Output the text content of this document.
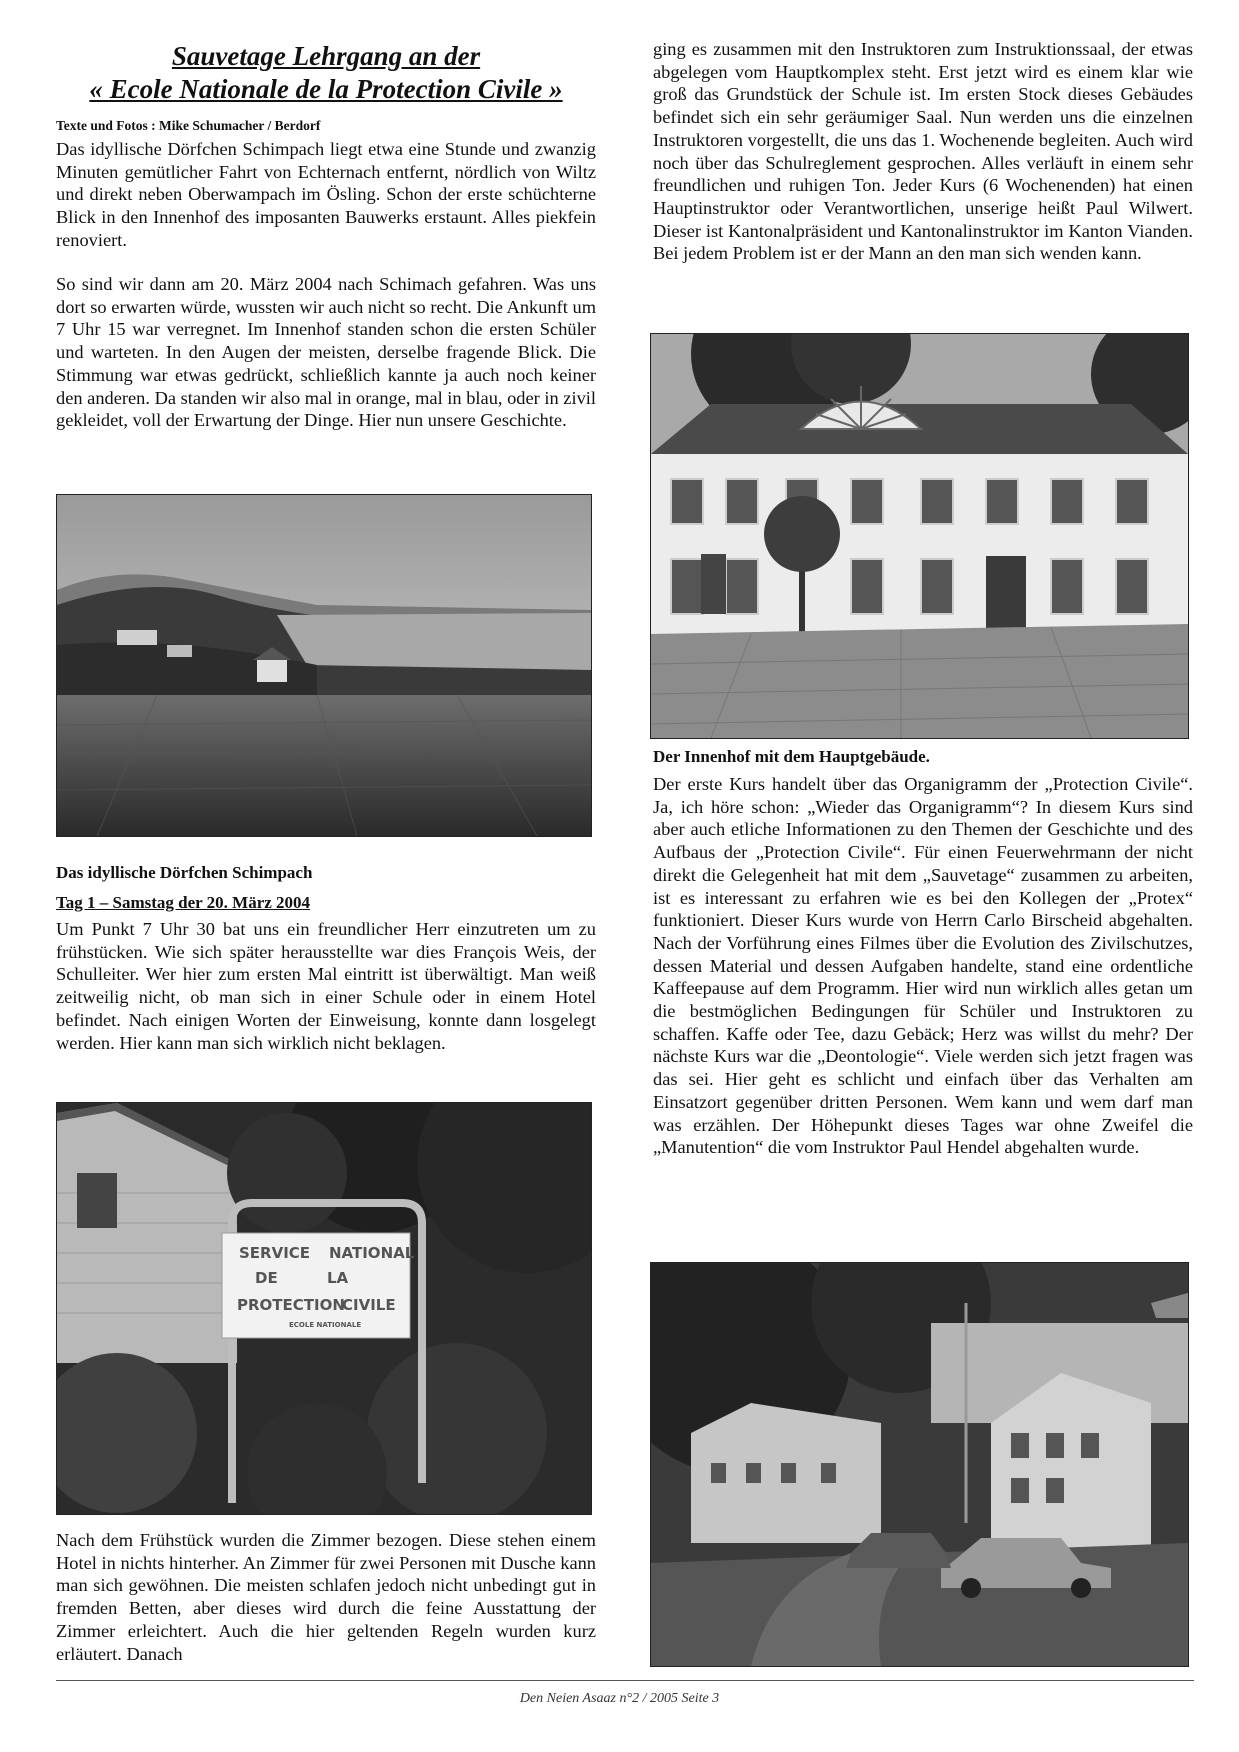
Sauvetage Lehrgang an der
« Ecole Nationale de la Protection Civile »
Texte und Fotos : Mike Schumacher / Berdorf

Das idyllische Dörfchen Schimpach liegt etwa eine Stunde und zwanzig Minuten gemütlicher Fahrt von Echternach entfernt, nördlich von Wiltz und direkt neben Oberwampach im Ösling. Schon der erste schüchterne Blick in den Innenhof des imposanten Bauwerks erstaunt. Alles piekfein renoviert.

So sind wir dann am 20. März 2004 nach Schimach gefahren. Was uns dort so erwarten würde, wussten wir auch nicht so recht. Die Ankunft um 7 Uhr 15 war verregnet. Im Innenhof standen schon die ersten Schüler und warteten. In den Augen der meisten, derselbe fragende Blick. Die Stimmung war etwas gedrückt, schließlich kannte ja auch noch keiner den anderen. Da standen wir also mal in orange, mal in blau, oder in zivil gekleidet, voll der Erwartung der Dinge. Hier nun unsere Geschichte.

Das idyllische Dörfchen Schimpach
Tag 1 – Samstag der 20. März 2004

Um Punkt 7 Uhr 30 bat uns ein freundlicher Herr einzutreten um zu frühstücken. Wie sich später herausstellte war dies François Weis, der Schulleiter. Wer hier zum ersten Mal eintritt ist überwältigt. Man weiß zeitweilig nicht, ob man sich in einer Schule oder in einem Hotel befindet. Nach einigen Worten der Einweisung, konnte dann losgelegt werden. Hier kann man sich wirklich nicht beklagen.

SERVICE NATIONAL
DE	LA
PROTECTION
CIVILE
ECOLE NATIONALE

Nach dem Frühstück wurden die Zimmer bezogen. Diese stehen einem Hotel in nichts hinterher. An Zimmer für zwei Personen mit Dusche kann man sich gewöhnen. Die meisten schlafen jedoch nicht unbedingt gut in fremden Betten, aber dieses wird durch die feine Ausstattung der Zimmer erleichtert. Auch die hier geltenden Regeln wurden kurz erläutert. Danach

ging es zusammen mit den Instruktoren zum Instruktionssaal, der etwas abgelegen vom Hauptkomplex steht. Erst jetzt wird es einem klar wie groß das Grundstück der Schule ist. Im ersten Stock dieses Gebäudes befindet sich ein sehr geräumiger Saal. Nun werden uns die einzelnen Instruktoren vorgestellt, die uns das 1. Wochenende begleiten. Auch wird noch über das Schulreglement gesprochen. Alles verläuft in einem sehr freundlichen und ruhigen Ton. Jeder Kurs (6 Wochenenden) hat einen Hauptinstruktor oder Verantwortlichen, unserige heißt Paul Wilwert. Dieser ist Kantonalpräsident und Kantonalinstruktor im Kanton Vianden. Bei jedem Problem ist er der Mann an den man sich wenden kann.

Der Innenhof mit dem Hauptgebäude.

Der erste Kurs handelt über das Organigramm der „Protection Civile“. Ja, ich höre schon: „Wieder das Organigramm“? In diesem Kurs sind aber auch etliche Informationen zu den Themen der Geschichte und des Aufbaus der „Protection Civile“. Für einen Feuerwehrmann der nicht direkt die Gelegenheit hat mit dem „Sauvetage“ zusammen zu arbeiten, ist es interessant zu erfahren wie es bei den Kollegen der „Protex“ funktioniert. Dieser Kurs wurde von Herrn Carlo Birscheid abgehalten. Nach der Vorführung eines Filmes über die Evolution des Zivilschutzes, dessen Material und dessen Aufgaben handelte, stand eine ordentliche Kaffeepause auf dem Programm. Hier wird nun wirklich alles getan um die bestmöglichen Bedingungen für Schüler und Instruktoren zu schaffen. Kaffe oder Tee, dazu Gebäck; Herz was willst du mehr? Der nächste Kurs war die „Deontologie“. Viele werden sich jetzt fragen was das sei. Hier geht es schlicht und einfach über das Verhalten am Einsatzort gegenüber dritten Personen. Wem kann und wem darf man was erzählen. Der Höhepunkt dieses Tages war ohne Zweifel die „Manutention“ die vom Instruktor Paul Hendel abgehalten wurde.

Den Neien Asaaz n°2 / 2005 Seite 3
